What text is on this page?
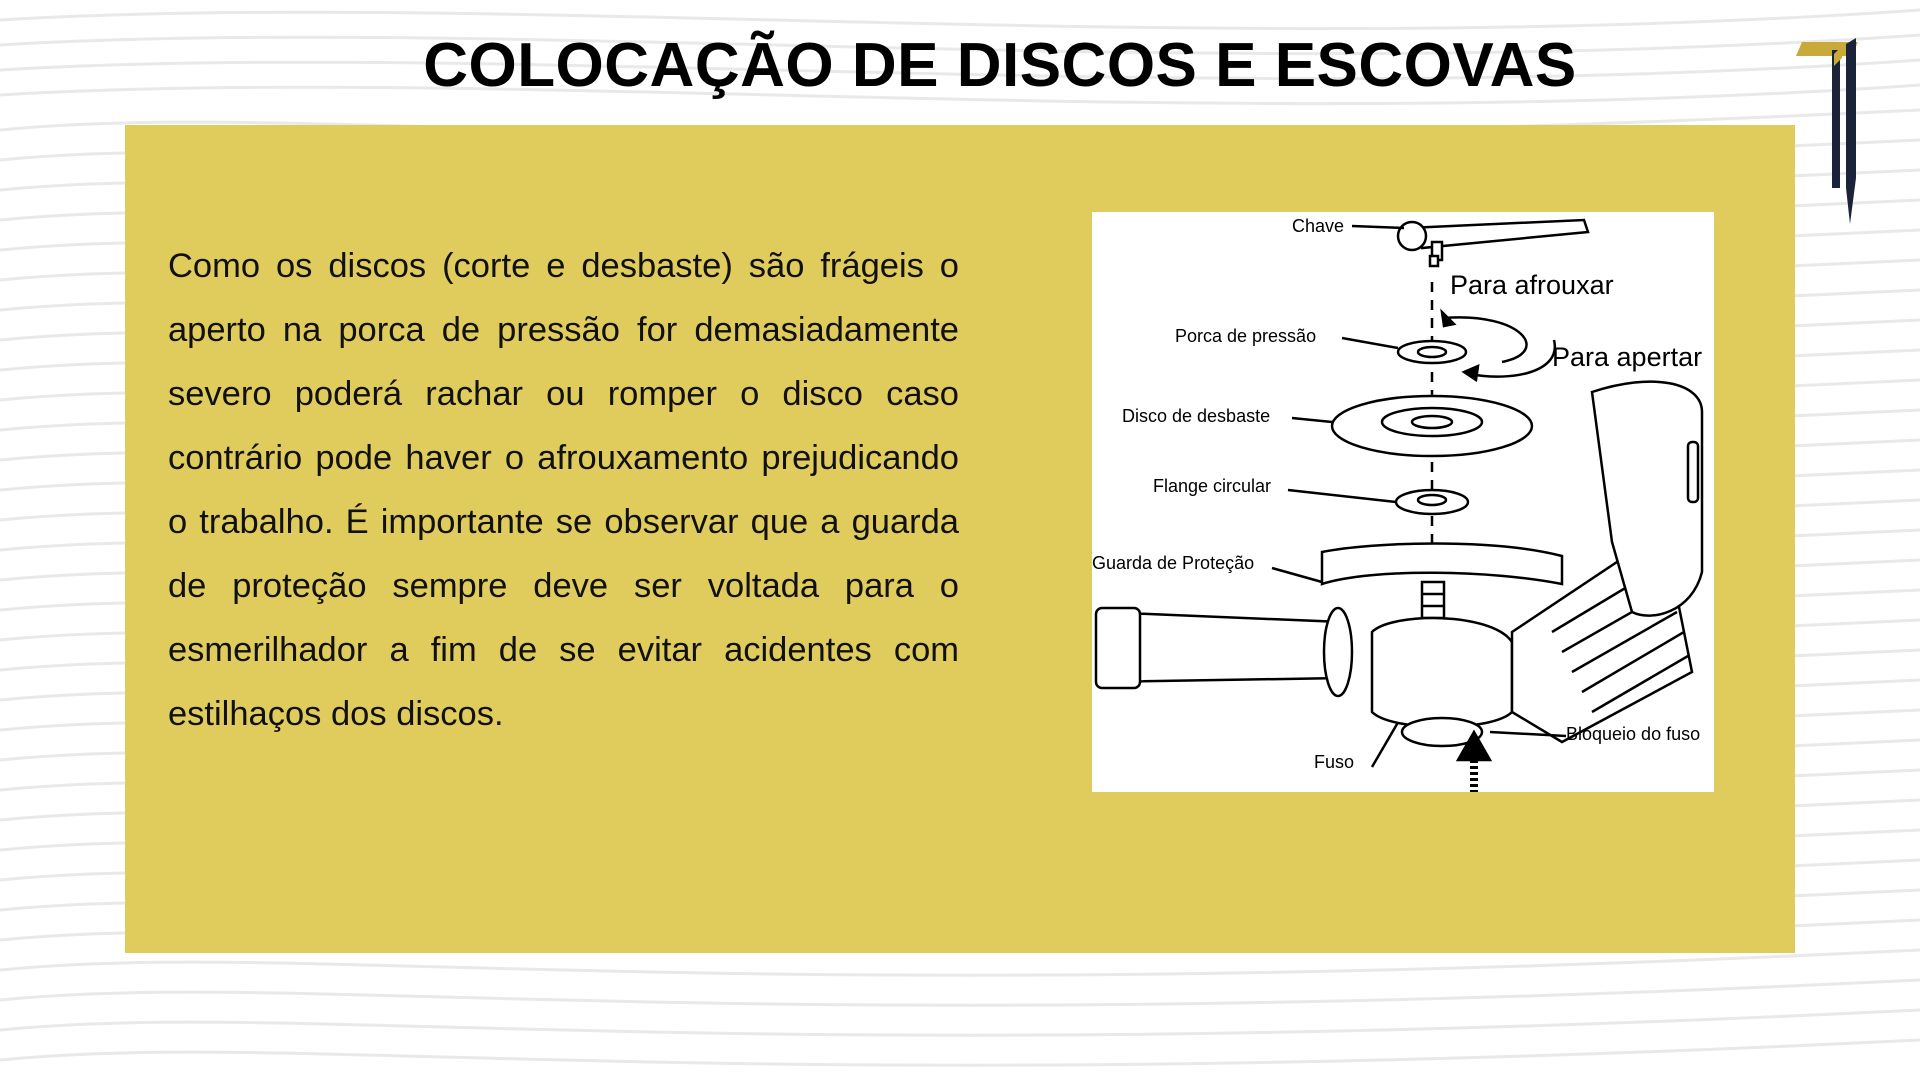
COLOCAÇÃO DE DISCOS E ESCOVAS

Como os discos (corte e desbaste) são frágeis o aperto na porca de pressão for demasiadamente severo poderá rachar ou romper o disco caso contrário pode haver o afrouxamento prejudicando o trabalho. É importante se observar que a guarda de proteção sempre deve ser voltada para o esmerilhador a fim de se evitar acidentes com estilhaços dos discos.

Chave
Para afrouxar
Porca de pressão
Para apertar
Disco de desbaste
Flange circular
Guarda de Proteção
Fuso
Bloqueio do fuso
